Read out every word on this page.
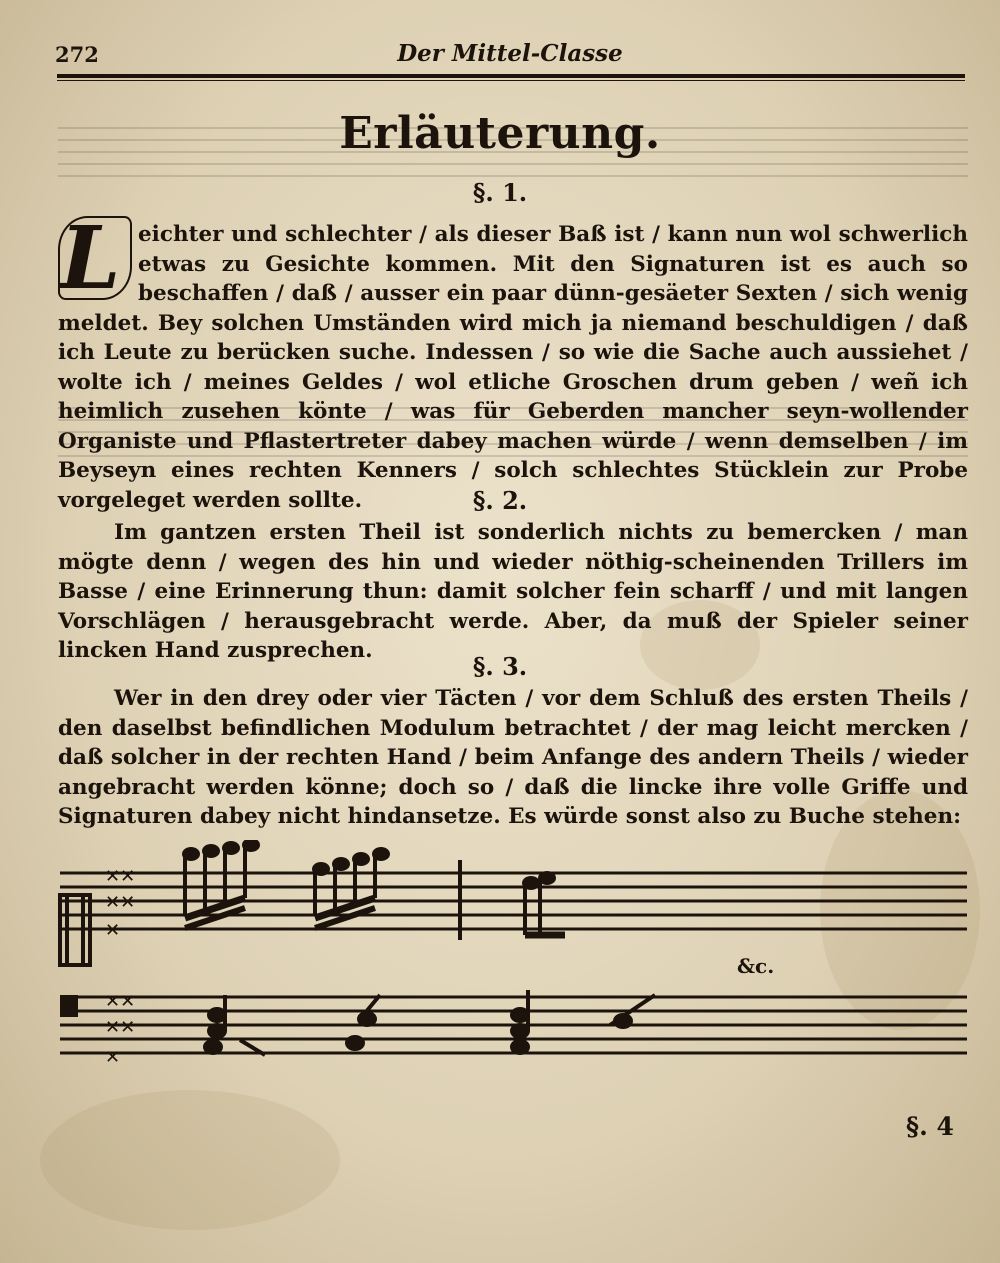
272	Der Mittel-Classe
Erläuterung.
§. 1.
L eichter und schlechter / als dieser Baß ist / kann nun wol schwerlich etwas zu Gesichte kommen. Mit den Signaturen ist es auch so beschaffen / daß / ausser ein paar dünn-gesäeter Sexten / sich wenig meldet. Bey solchen Umständen wird mich ja niemand beschuldigen / daß ich Leute zu berücken suche. Indessen / so wie die Sache auch aussiehet / wolte ich / meines Geldes / wol etliche Groschen drum geben / weñ ich heimlich zusehen könte / was für Geberden mancher seyn-wollender Organiste und Pflastertreter dabey machen würde / wenn demselben / im Beyseyn eines rechten Kenners / solch schlechtes Stücklein zur Probe vorgeleget werden sollte.	§. 2.
Im gantzen ersten Theil ist sonderlich nichts zu bemercken / man mögte denn / wegen des hin und wieder nöthig-scheinenden Trillers im Basse / eine Erinnerung thun: damit solcher fein scharff / und mit langen Vorschlägen / herausgebracht werde. Aber, da muß der Spieler seiner lincken Hand zusprechen.
§. 3.
Wer in den drey oder vier Täcten / vor dem Schluß des ersten Theils / den daselbst befindlichen Modulum betrachtet / der mag leicht mercken / daß solcher in der rechten Hand / beim Anfange des andern Theils / wieder angebracht werden könne; doch so / daß die lincke ihre volle Griffe und Signaturen dabey nicht hindansetze. Es würde sonst also zu Buche stehen:
✕✕
✕✕
✕
&c.
✕✕
✕✕
✕
§. 4
